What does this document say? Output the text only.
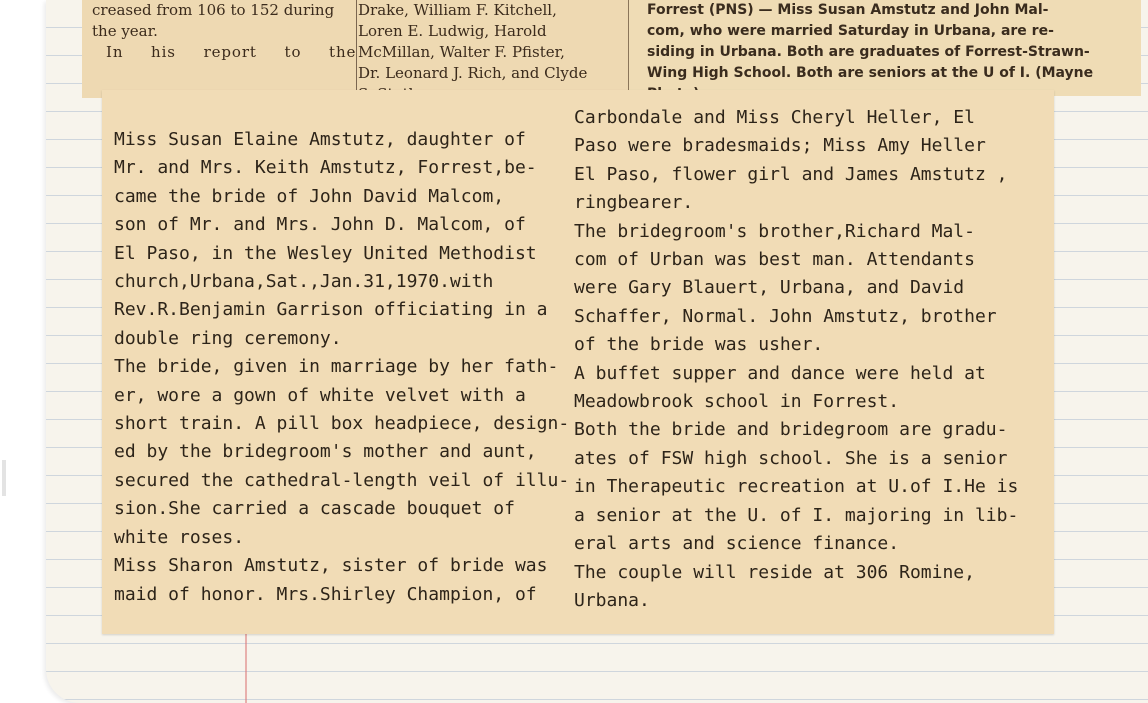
creased from 106 to 152 during
the year.
In his report to the
Drake, William F. Kitchell,
Loren E. Ludwig, Harold
McMillan, Walter F. Pfister,
Dr. Leonard J. Rich, and Clyde
Forrest (PNS) — Miss Susan Amstutz and John Mal-
com, who were married Saturday in Urbana, are re-
siding in Urbana. Both are graduates of Forrest-Strawn-
Wing High School. Both are seniors at the U of I. (Mayne
Miss Susan Elaine Amstutz, daughter of
Mr. and Mrs. Keith Amstutz, Forrest,be-
came the bride of John David Malcom,
son of Mr. and Mrs. John D. Malcom, of
El Paso, in the Wesley United Methodist
church,Urbana,Sat.,Jan.31,1970.with
Rev.R.Benjamin Garrison officiating in a
double ring ceremony.
The bride, given in marriage by her fath-
er, wore a gown of white velvet with a
short train. A pill box headpiece, design-
ed by the bridegroom's mother and aunt,
secured the cathedral-length veil of illu-
sion.She carried a cascade bouquet of
white roses.
Miss Sharon Amstutz, sister of bride was
maid of honor. Mrs.Shirley Champion, of
Carbondale and Miss Cheryl Heller, El
Paso were bradesmaids; Miss Amy Heller
El Paso, flower girl and James Amstutz ,
ringbearer.
The bridegroom's brother,Richard Mal-
com of Urban was best man. Attendants
were Gary Blauert, Urbana, and David
Schaffer, Normal. John Amstutz, brother
of the bride was usher.
A buffet supper and dance were held at
Meadowbrook school in Forrest.
Both the bride and bridegroom are gradu-
ates of FSW high school. She is a senior
in Therapeutic recreation at U.of I.He is
a senior at the U. of I. majoring in lib-
eral arts and science finance.
The couple will reside at 306 Romine,
Urbana.
